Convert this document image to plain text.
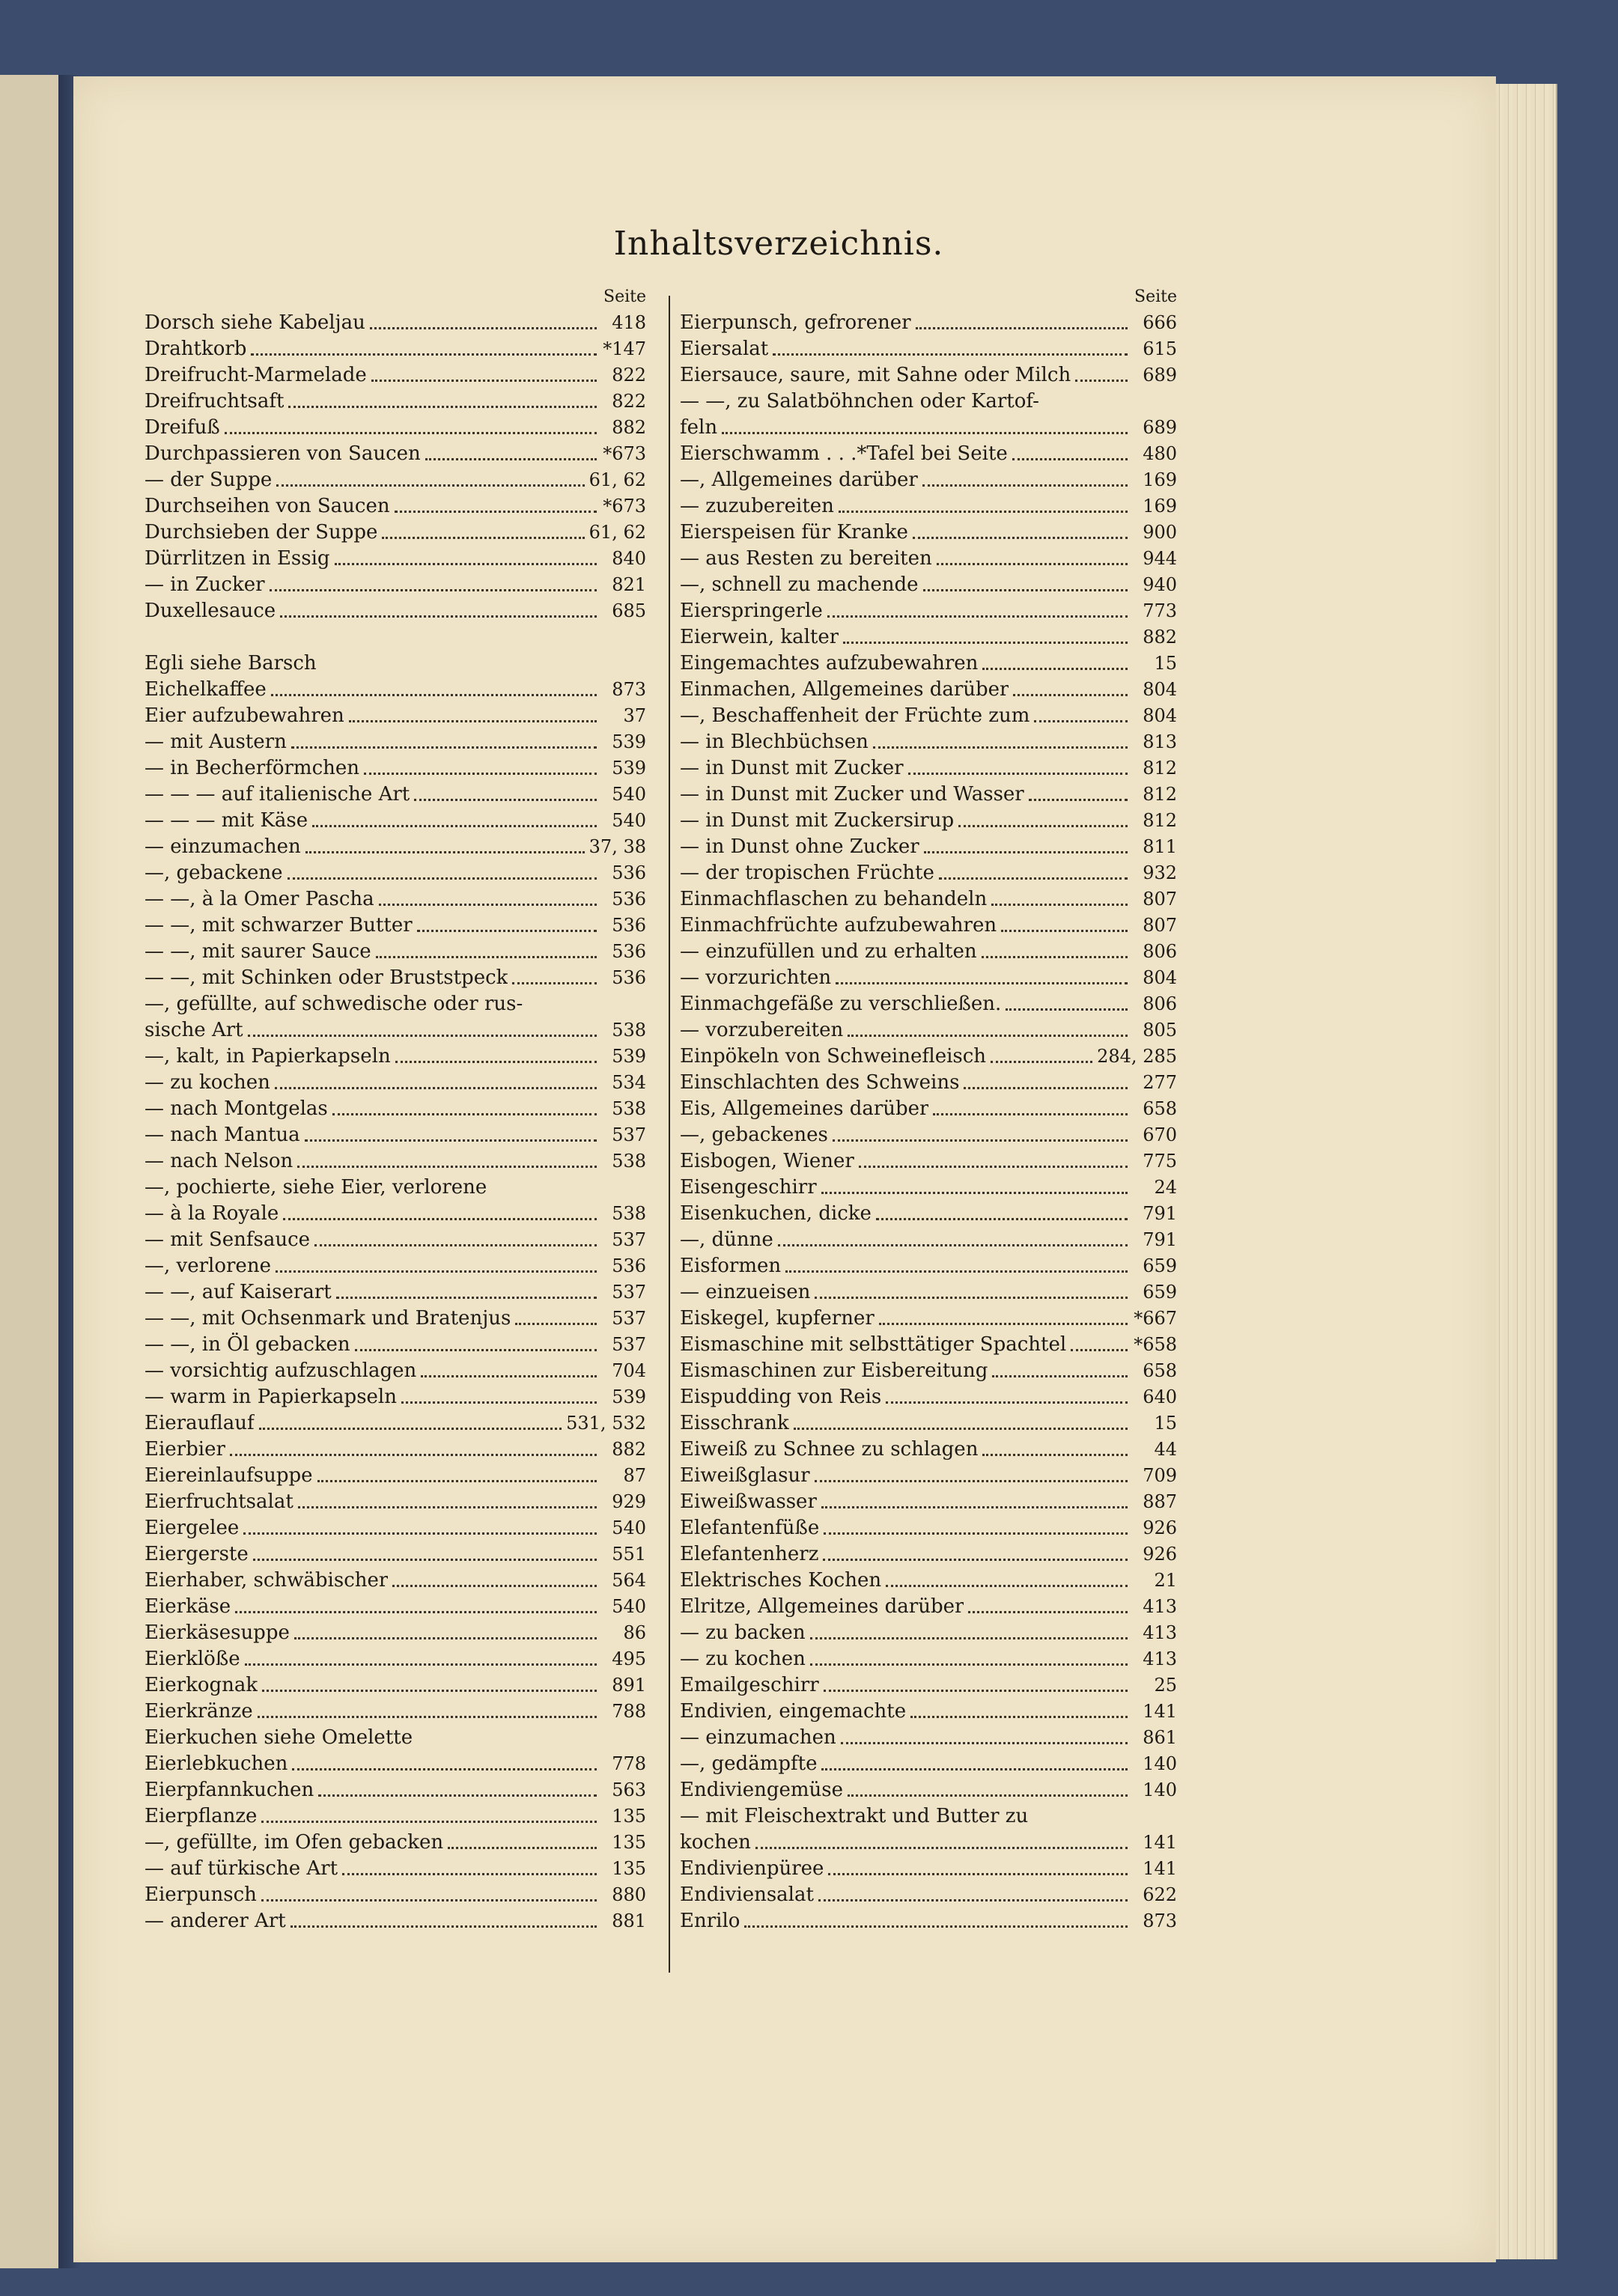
Inhaltsverzeichnis.
Seite
Dorsch siehe Kabeljau	418
Drahtkorb	*147
Dreifrucht-Marmelade	822
Dreifruchtsaft	822
Dreifuß	882
Durchpassieren von Saucen	*673
— der Suppe	61, 62
Durchseihen von Saucen	*673
Durchsieben der Suppe	61, 62
Dürrlitzen in Essig	840
— in Zucker	821
Duxellesauce	685
Egli siehe Barsch
Eichelkaffee	873
Eier aufzubewahren	37
— mit Austern	539
— in Becherförmchen	539
— — — auf italienische Art	540
— — — mit Käse	540
— einzumachen	37, 38
—, gebackene	536
— —, à la Omer Pascha	536
— —, mit schwarzer Butter	536
— —, mit saurer Sauce	536
— —, mit Schinken oder Bruststpeck	536
—, gefüllte, auf schwedische oder rus-
sische Art	538
—, kalt, in Papierkapseln	539
— zu kochen	534
— nach Montgelas	538
— nach Mantua	537
— nach Nelson	538
—, pochierte, siehe Eier, verlorene
— à la Royale	538
— mit Senfsauce	537
—, verlorene	536
— —, auf Kaiserart	537
— —, mit Ochsenmark und Bratenjus	537
— —, in Öl gebacken	537
— vorsichtig aufzuschlagen	704
— warm in Papierkapseln	539
Eierauflauf	531, 532
Eierbier	882
Eiereinlaufsuppe	87
Eierfruchtsalat	929
Eiergelee	540
Eiergerste	551
Eierhaber, schwäbischer	564
Eierkäse	540
Eierkäsesuppe	86
Eierklöße	495
Eierkognak	891
Eierkränze	788
Eierkuchen siehe Omelette
Eierlebkuchen	778
Eierpfannkuchen	563
Eierpflanze	135
—, gefüllte, im Ofen gebacken	135
— auf türkische Art	135
Eierpunsch	880
— anderer Art	881
Seite
Eierpunsch, gefrorener	666
Eiersalat	615
Eiersauce, saure, mit Sahne oder Milch	689
— —, zu Salatböhnchen oder Kartof-
feln	689
Eierschwamm . . .*Tafel bei Seite	480
—, Allgemeines darüber	169
— zuzubereiten	169
Eierspeisen für Kranke	900
— aus Resten zu bereiten	944
—, schnell zu machende	940
Eierspringerle	773
Eierwein, kalter	882
Eingemachtes aufzubewahren	15
Einmachen, Allgemeines darüber	804
—, Beschaffenheit der Früchte zum	804
— in Blechbüchsen	813
— in Dunst mit Zucker	812
— in Dunst mit Zucker und Wasser	812
— in Dunst mit Zuckersirup	812
— in Dunst ohne Zucker	811
— der tropischen Früchte	932
Einmachflaschen zu behandeln	807
Einmachfrüchte aufzubewahren	807
— einzufüllen und zu erhalten	806
— vorzurichten	804
Einmachgefäße zu verschließen.	806
— vorzubereiten	805
Einpökeln von Schweinefleisch	284, 285
Einschlachten des Schweins	277
Eis, Allgemeines darüber	658
—, gebackenes	670
Eisbogen, Wiener	775
Eisengeschirr	24
Eisenkuchen, dicke	791
—, dünne	791
Eisformen	659
— einzueisen	659
Eiskegel, kupferner	*667
Eismaschine mit selbsttätiger Spachtel	*658
Eismaschinen zur Eisbereitung	658
Eispudding von Reis	640
Eisschrank	15
Eiweiß zu Schnee zu schlagen	44
Eiweißglasur	709
Eiweißwasser	887
Elefantenfüße	926
Elefantenherz	926
Elektrisches Kochen	21
Elritze, Allgemeines darüber	413
— zu backen	413
— zu kochen	413
Emailgeschirr	25
Endivien, eingemachte	141
— einzumachen	861
—, gedämpfte	140
Endiviengemüse	140
— mit Fleischextrakt und Butter zu
kochen	141
Endivienpüree	141
Endiviensalat	622
Enrilo	873
